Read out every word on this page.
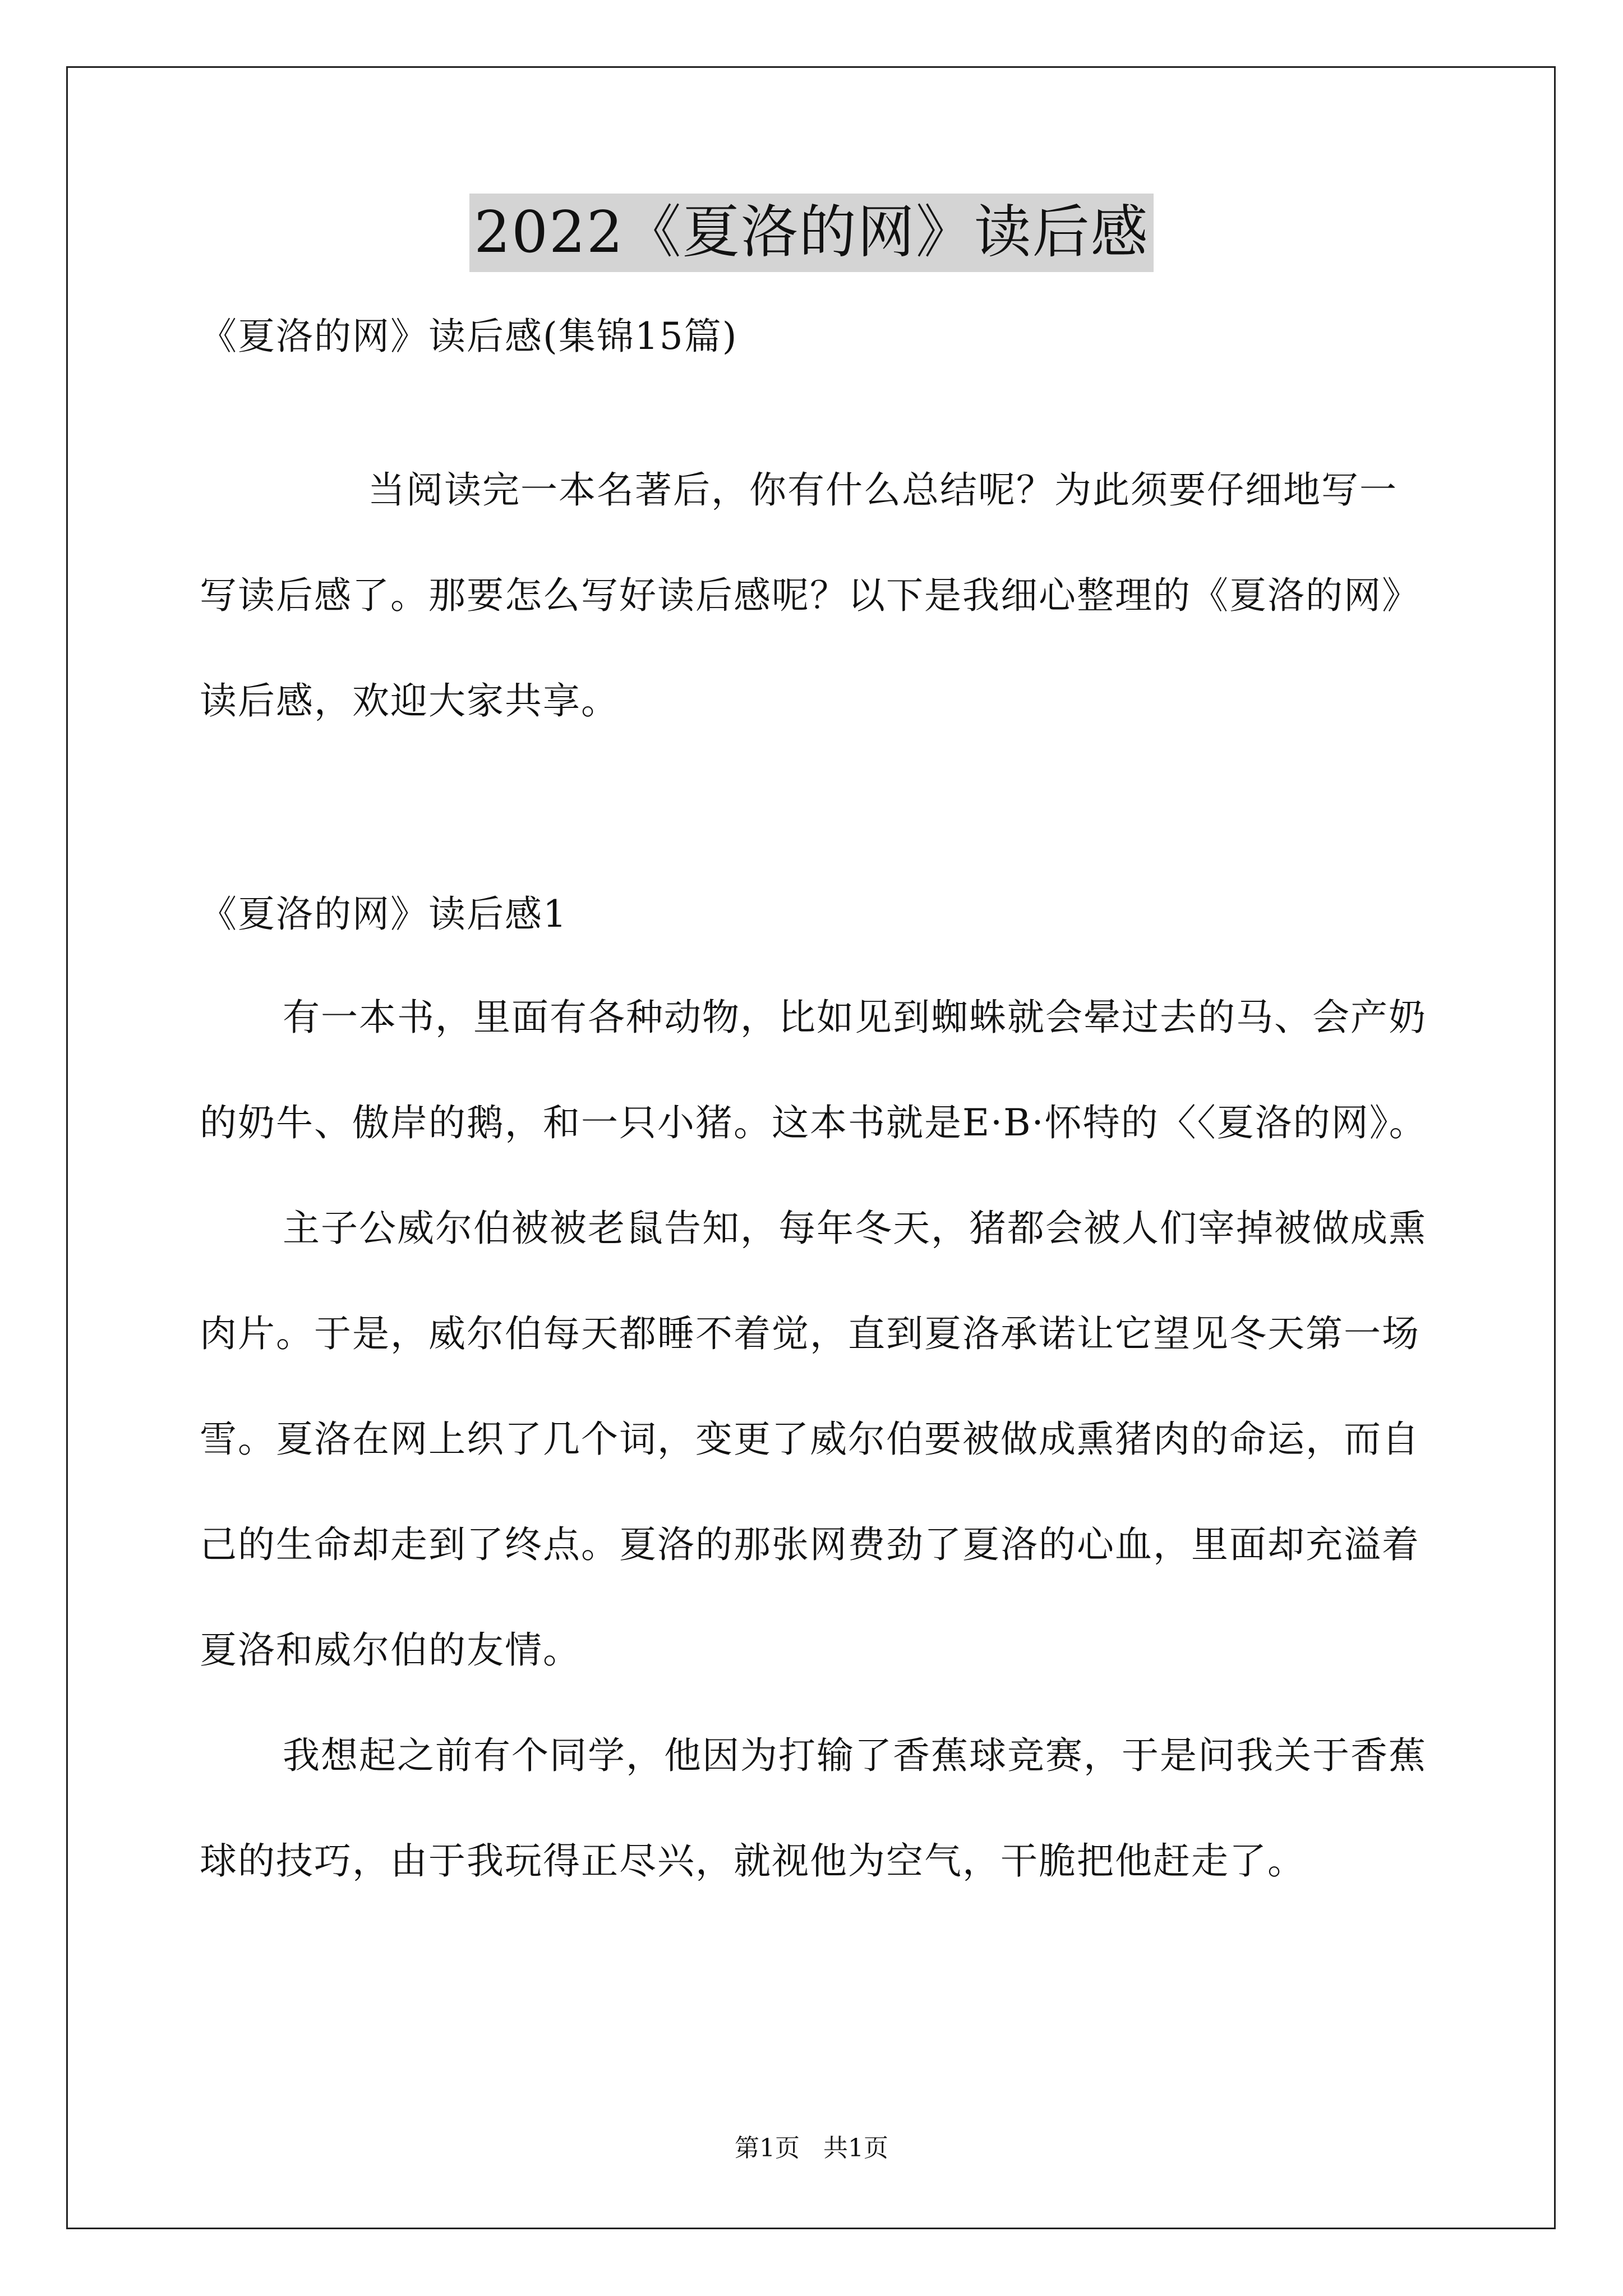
2022《夏洛的网》读后感
《夏洛的网》读后感(集锦15篇)

当阅读完一本名著后，你有什么总结呢？为此须要仔细地写一写读后感了。那要怎么写好读后感呢？以下是我细心整理的《夏洛的网》读后感，欢迎大家共享。

《夏洛的网》读后感1

有一本书，里面有各种动物，比如见到蜘蛛就会晕过去的马、会产奶的奶牛、傲岸的鹅，和一只小猪。这本书就是E·B·怀特的〈〈夏洛的网》。

主子公威尔伯被被老鼠告知，每年冬天，猪都会被人们宰掉被做成熏肉片。于是，威尔伯每天都睡不着觉，直到夏洛承诺让它望见冬天第一场雪。夏洛在网上织了几个词，变更了威尔伯要被做成熏猪肉的命运，而自己的生命却走到了终点。夏洛的那张网费劲了夏洛的心血，里面却充溢着夏洛和威尔伯的友情。

我想起之前有个同学，他因为打输了香蕉球竞赛，于是问我关于香蕉球的技巧，由于我玩得正尽兴，就视他为空气，干脆把他赶走了。

第1页 共1页
